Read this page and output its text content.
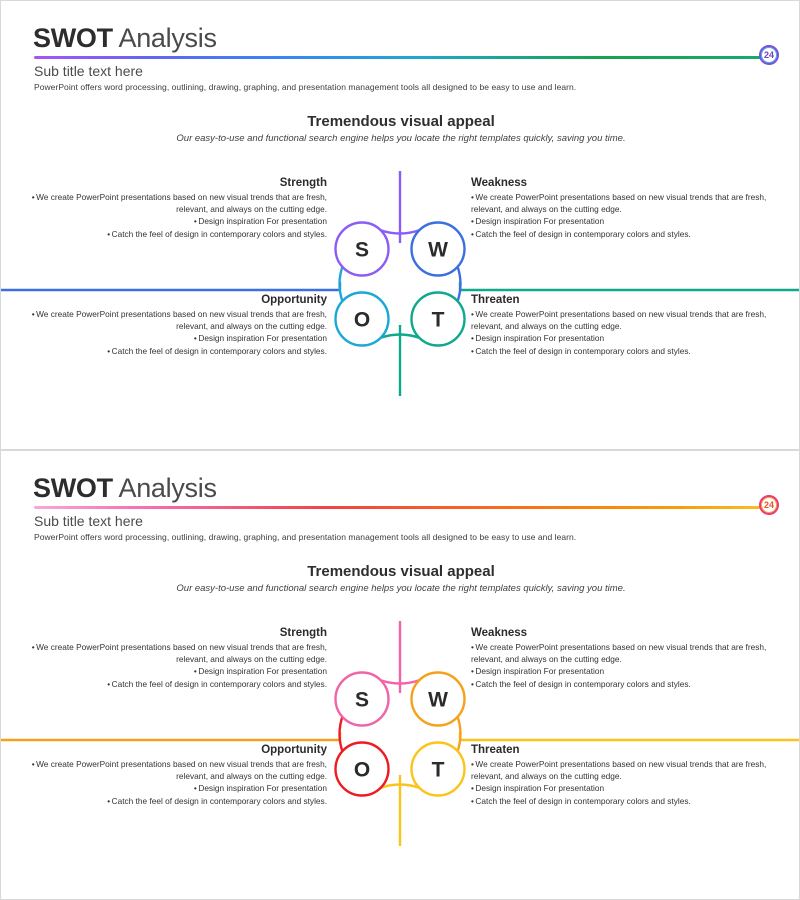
SWOT Analysis
24
Sub title text here
PowerPoint offers word processing, outlining, drawing, graphing, and presentation management tools all designed to be easy to use and learn.
Tremendous visual appeal
Our easy-to-use and functional search engine helps you locate the right templates quickly, saving you time.
Strength
• We create PowerPoint presentations based on new visual trends that are fresh, relevant, and always on the cutting edge.
• Design inspiration For presentation
• Catch the feel of design in contemporary colors and styles.
Weakness
• We create PowerPoint presentations based on new visual trends that are fresh, relevant, and always on the cutting edge.
• Design inspiration For presentation
• Catch the feel of design in contemporary colors and styles.
Opportunity
• We create PowerPoint presentations based on new visual trends that are fresh, relevant, and always on the cutting edge.
• Design inspiration For presentation
• Catch the feel of design in contemporary colors and styles.
Threaten
• We create PowerPoint presentations based on new visual trends that are fresh, relevant, and always on the cutting edge.
• Design inspiration For presentation
• Catch the feel of design in contemporary colors and styles.
S	W
O	T
SWOT Analysis
24
Sub title text here
PowerPoint offers word processing, outlining, drawing, graphing, and presentation management tools all designed to be easy to use and learn.
Tremendous visual appeal
Our easy-to-use and functional search engine helps you locate the right templates quickly, saving you time.
Strength
• We create PowerPoint presentations based on new visual trends that are fresh, relevant, and always on the cutting edge.
• Design inspiration For presentation
• Catch the feel of design in contemporary colors and styles.
Weakness
• We create PowerPoint presentations based on new visual trends that are fresh, relevant, and always on the cutting edge.
• Design inspiration For presentation
• Catch the feel of design in contemporary colors and styles.
Opportunity
• We create PowerPoint presentations based on new visual trends that are fresh, relevant, and always on the cutting edge.
• Design inspiration For presentation
• Catch the feel of design in contemporary colors and styles.
Threaten
• We create PowerPoint presentations based on new visual trends that are fresh, relevant, and always on the cutting edge.
• Design inspiration For presentation
• Catch the feel of design in contemporary colors and styles.
S	W
O	T
